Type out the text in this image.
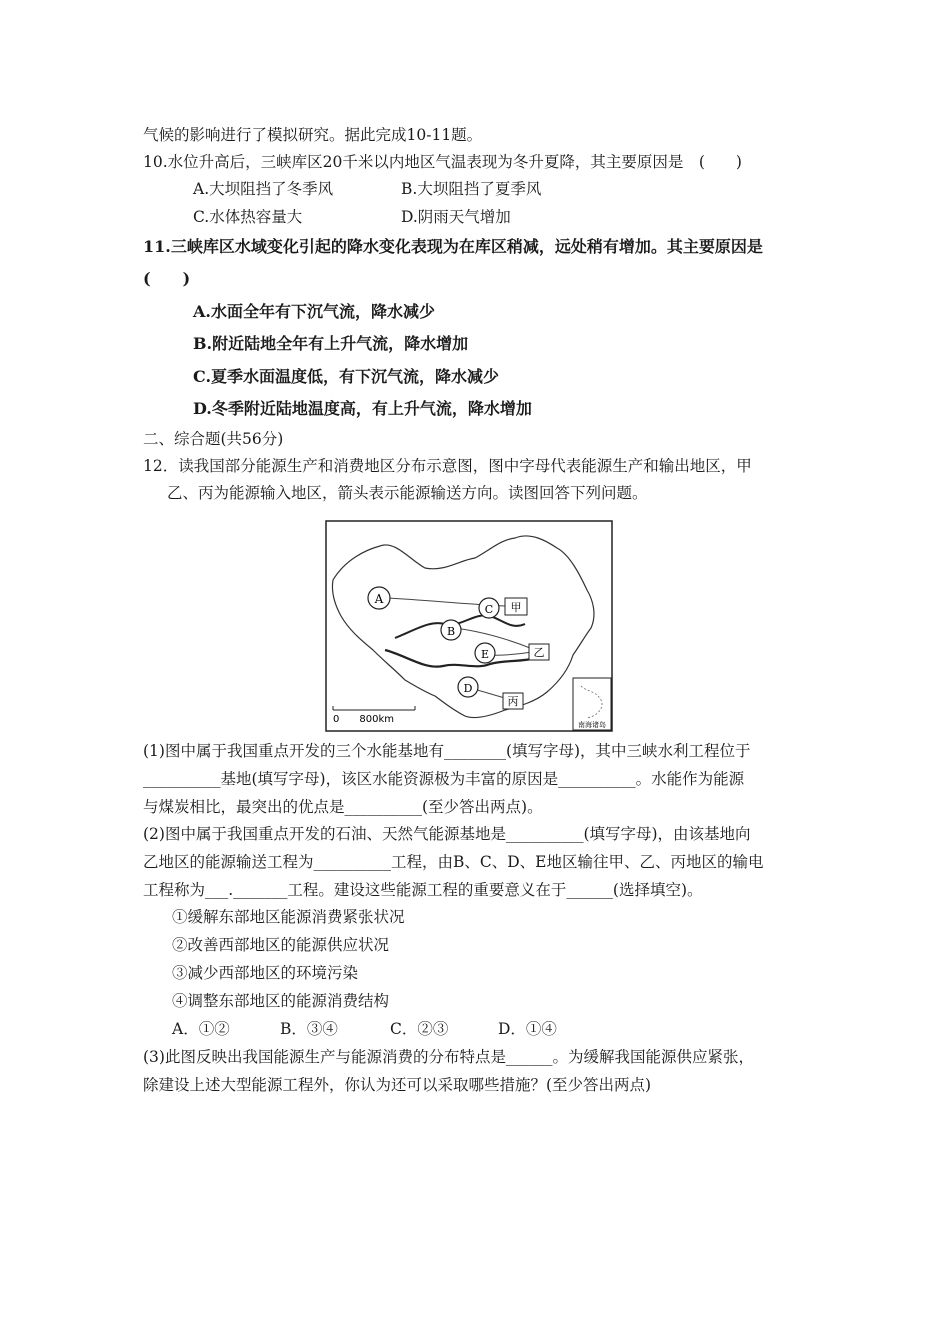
气候的影响进行了模拟研究。据此完成10-11题。
10.水位升高后，三峡库区20千米以内地区气温表现为冬升夏降，其主要原因是　(　　)
A.大坝阻挡了冬季风	B.大坝阻挡了夏季风
C.水体热容量大	D.阴雨天气增加
11.三峡库区水域变化引起的降水变化表现为在库区稍减，远处稍有增加。其主要原因是
(　　)
A.水面全年有下沉气流，降水减少
B.附近陆地全年有上升气流，降水增加
C.夏季水面温度低，有下沉气流，降水减少
D.冬季附近陆地温度高，有上升气流，降水增加
二、综合题(共56分)
12．读我国部分能源生产和消费地区分布示意图，图中字母代表能源生产和输出地区，甲
乙、丙为能源输入地区，箭头表示能源输送方向。读图回答下列问题。
A
B
C
E
D
甲
乙
丙
0　　800km	南海诸岛
(1)图中属于我国重点开发的三个水能基地有________(填写字母)，其中三峡水利工程位于
__________基地(填写字母)，该区水能资源极为丰富的原因是__________。水能作为能源
与煤炭相比，最突出的优点是__________(至少答出两点)。
(2)图中属于我国重点开发的石油、天然气能源基地是__________(填写字母)，由该基地向
乙地区的能源输送工程为__________工程，由B、C、D、E地区输往甲、乙、丙地区的输电
工程称为___._______工程。建设这些能源工程的重要意义在于______(选择填空)。
①缓解东部地区能源消费紧张状况
②改善西部地区的能源供应状况
③减少西部地区的环境污染
④调整东部地区的能源消费结构
A．①②	B．③④	C．②③	D．①④
(3)此图反映出我国能源生产与能源消费的分布特点是______。为缓解我国能源供应紧张，
除建设上述大型能源工程外，你认为还可以采取哪些措施？(至少答出两点)
